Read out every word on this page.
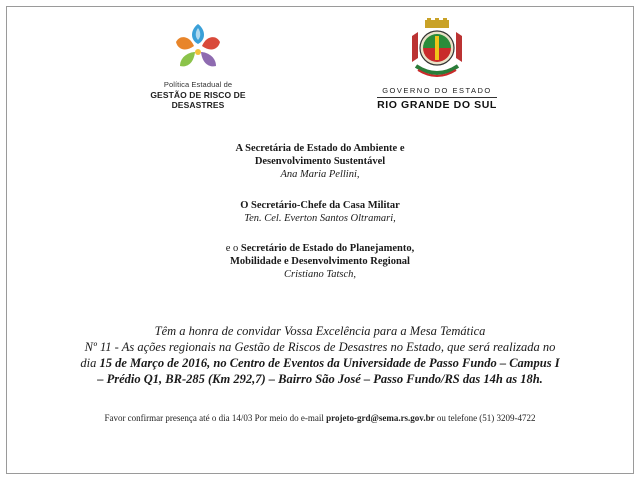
Política Estadual de
GESTÃO DE RISCO DE DESASTRES
GOVERNO DO ESTADO
RIO GRANDE DO SUL
A Secretária de Estado do Ambiente e
Desenvolvimento Sustentável
Ana Maria Pellini,
O Secretário-Chefe da Casa Militar
Ten. Cel. Everton Santos Oltramari,
e o Secretário de Estado do Planejamento,
Mobilidade e Desenvolvimento Regional
Cristiano Tatsch,
Têm a honra de convidar Vossa Excelência para a Mesa Temática
Nº 11 - As ações regionais na Gestão de Riscos de Desastres no Estado, que será realizada no
dia 15 de Março de 2016, no Centro de Eventos da Universidade de Passo Fundo – Campus I
– Prédio Q1, BR-285 (Km 292,7) – Bairro São José – Passo Fundo/RS das 14h as 18h.
Favor confirmar presença até o dia 14/03 Por meio do e-mail projeto-grd@sema.rs.gov.br ou telefone (51) 3209-4722
